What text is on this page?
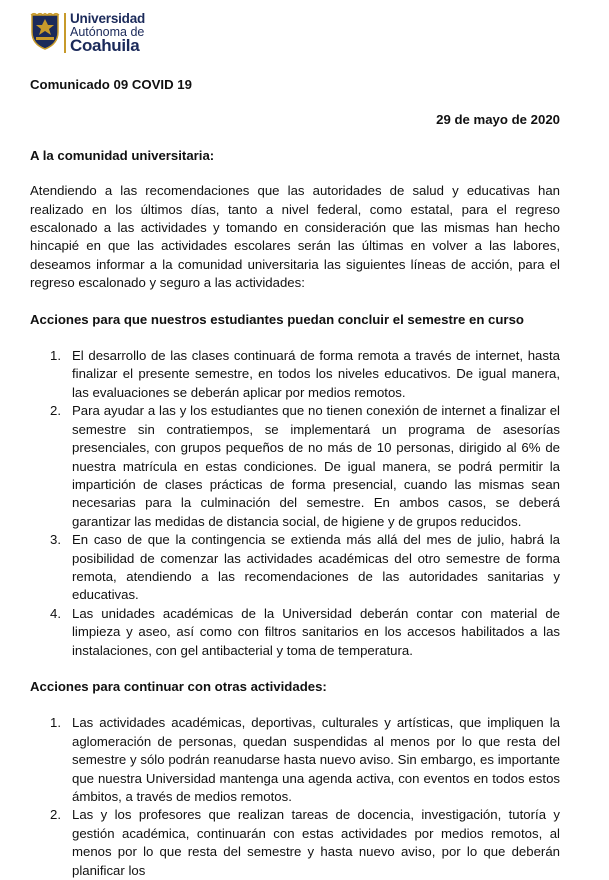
Universidad
Autónoma de
Coahuila

Comunicado 09 COVID 19

29 de mayo de 2020
A la comunidad universitaria:
Atendiendo a las recomendaciones que las autoridades de salud y educativas han realizado en los últimos días, tanto a nivel federal, como estatal, para el regreso escalonado a las actividades y tomando en consideración que las mismas han hecho hincapié en que las actividades escolares serán las últimas en volver a las labores, deseamos informar a la comunidad universitaria las siguientes líneas de acción, para el regreso escalonado y seguro a las actividades:
Acciones para que nuestros estudiantes puedan concluir el semestre en curso
1. El desarrollo de las clases continuará de forma remota a través de internet, hasta finalizar el presente semestre, en todos los niveles educativos. De igual manera, las evaluaciones se deberán aplicar por medios remotos.
2. Para ayudar a las y los estudiantes que no tienen conexión de internet a finalizar el semestre sin contratiempos, se implementará un programa de asesorías presenciales, con grupos pequeños de no más de 10 personas, dirigido al 6% de nuestra matrícula en estas condiciones. De igual manera, se podrá permitir la impartición de clases prácticas de forma presencial, cuando las mismas sean necesarias para la culminación del semestre. En ambos casos, se deberá garantizar las medidas de distancia social, de higiene y de grupos reducidos.
3. En caso de que la contingencia se extienda más allá del mes de julio, habrá la posibilidad de comenzar las actividades académicas del otro semestre de forma remota, atendiendo a las recomendaciones de las autoridades sanitarias y educativas.
4. Las unidades académicas de la Universidad deberán contar con material de limpieza y aseo, así como con filtros sanitarios en los accesos habilitados a las instalaciones, con gel antibacterial y toma de temperatura.
Acciones para continuar con otras actividades:
1. Las actividades académicas, deportivas, culturales y artísticas, que impliquen la aglomeración de personas, quedan suspendidas al menos por lo que resta del semestre y sólo podrán reanudarse hasta nuevo aviso. Sin embargo, es importante que nuestra Universidad mantenga una agenda activa, con eventos en todos estos ámbitos, a través de medios remotos.
2. Las y los profesores que realizan tareas de docencia, investigación, tutoría y gestión académica, continuarán con estas actividades por medios remotos, al menos por lo que resta del semestre y hasta nuevo aviso, por lo que deberán planificar los
